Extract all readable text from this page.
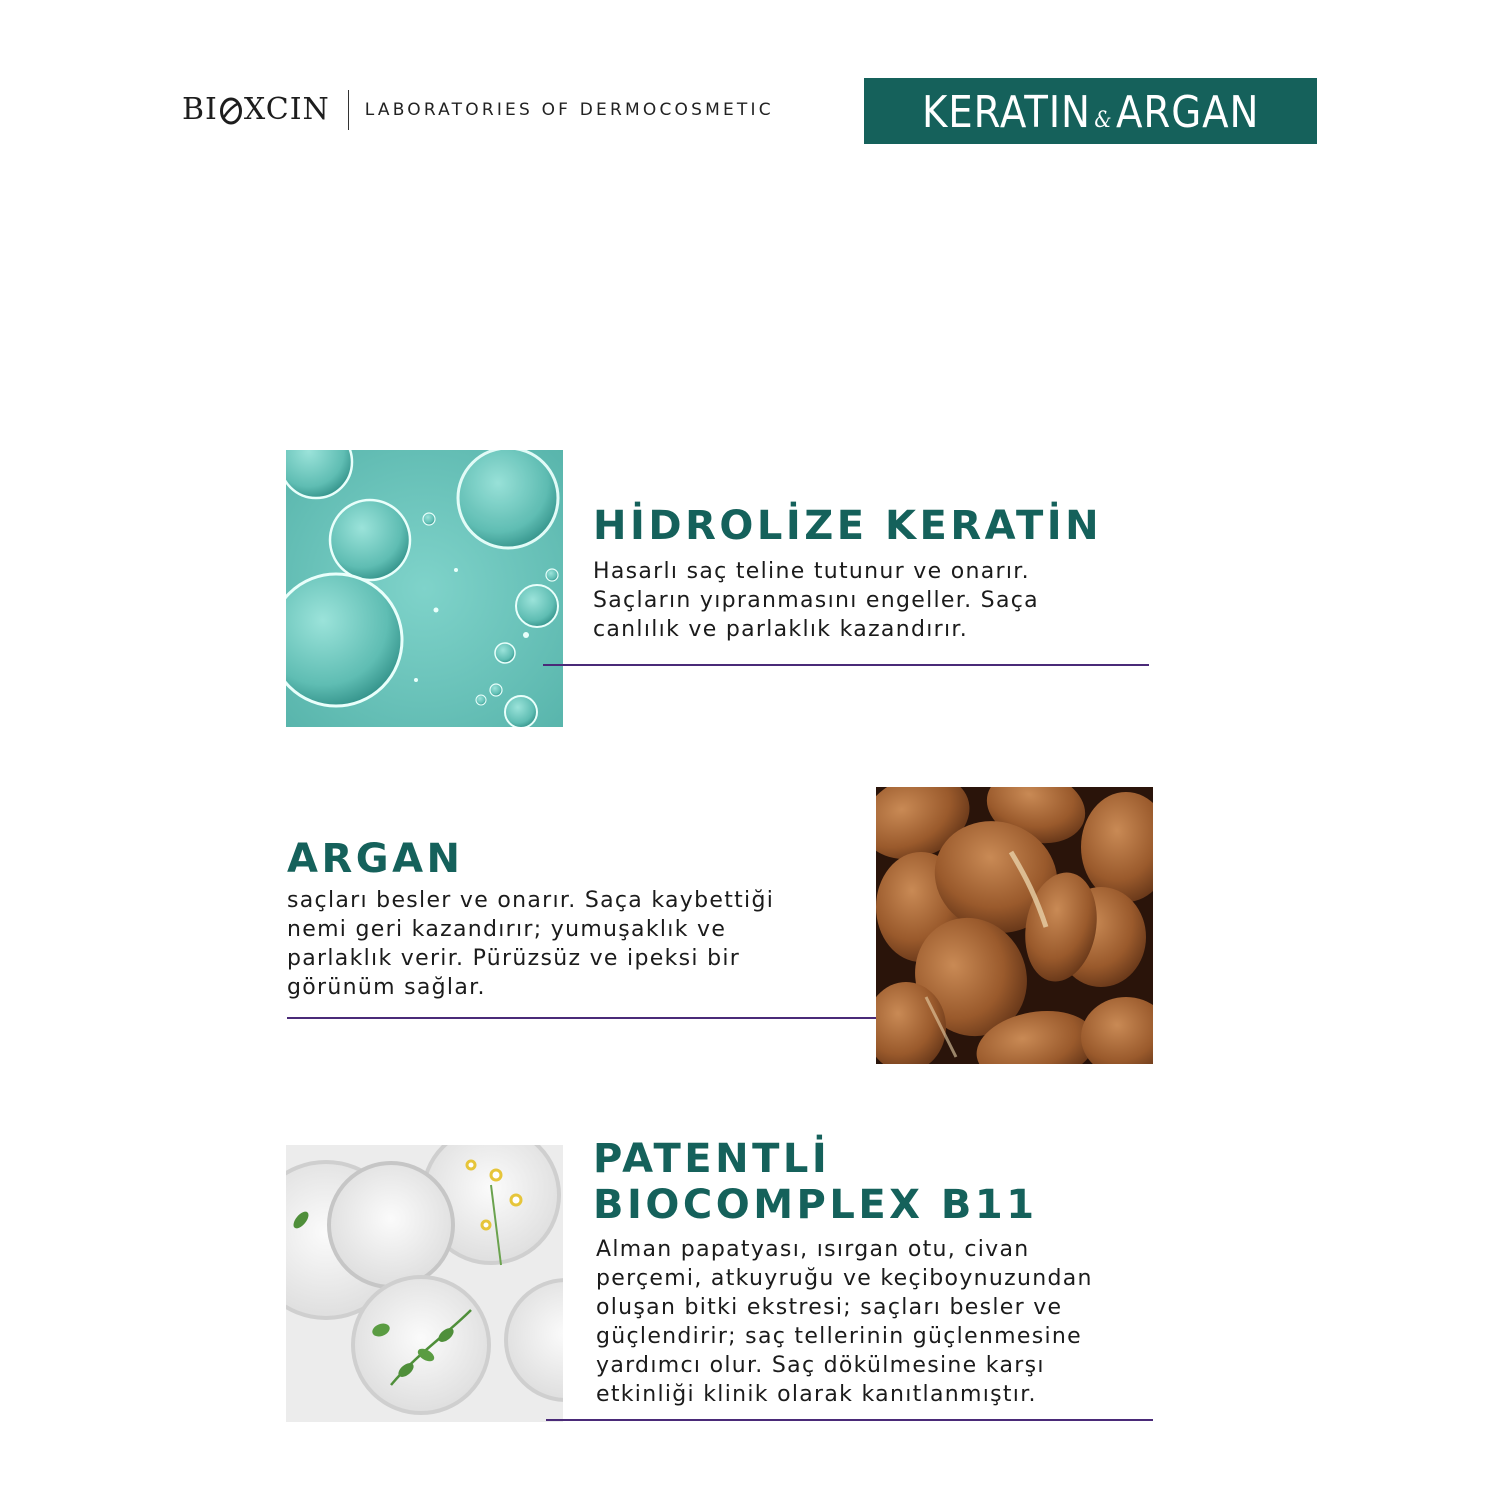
BI XCIN LABORATORIES OF DERMOCOSMETIC	KERATIN &ARGAN
HİDROLİZE KERATİN
Hasarlı saç teline tutunur ve onarır.
Saçların yıpranmasını engeller. Saça
canlılık ve parlaklık kazandırır.
ARGAN
saçları besler ve onarır. Saça kaybettiği
nemi geri kazandırır; yumuşaklık ve
parlaklık verir. Pürüzsüz ve ipeksi bir
görünüm sağlar.
PATENTLİ
BIOCOMPLEX B11
Alman papatyası, ısırgan otu, civan
perçemi, atkuyruğu ve keçiboynuzundan
oluşan bitki ekstresi; saçları besler ve
güçlendirir; saç tellerinin güçlenmesine
yardımcı olur. Saç dökülmesine karşı
etkinliği klinik olarak kanıtlanmıştır.
